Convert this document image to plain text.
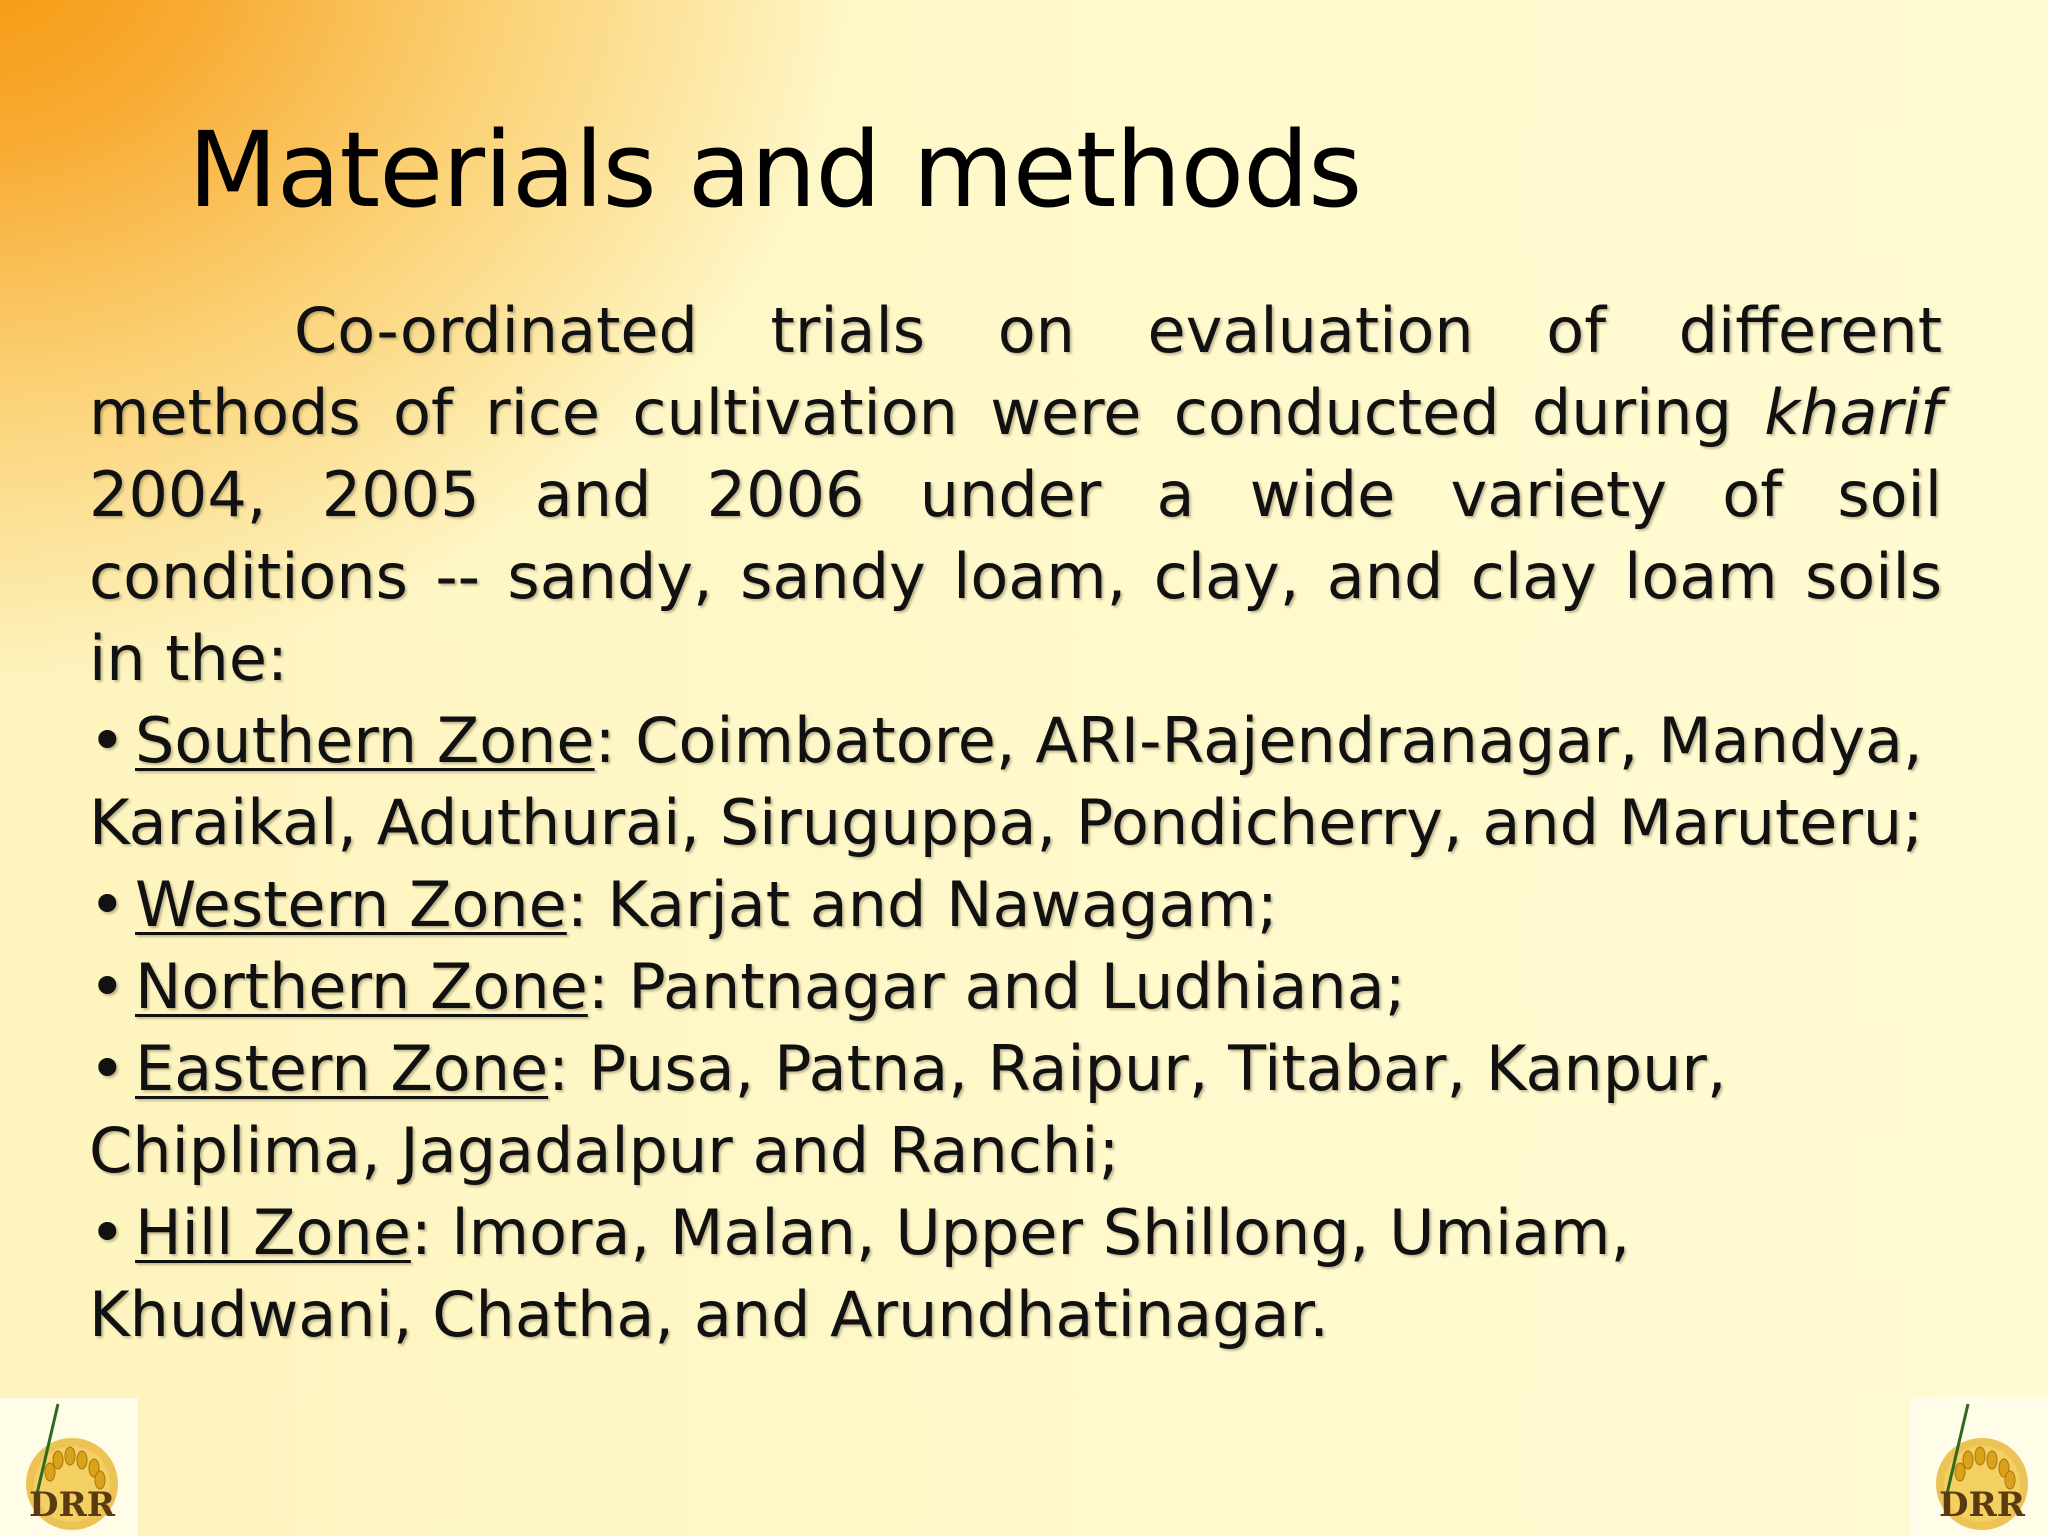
Materials and methods

Co-ordinated trials on evaluation of different methods of rice cultivation were conducted during kharif 2004, 2005 and 2006 under a wide variety of soil conditions -- sandy, sandy loam, clay, and clay loam soils in the:

• Southern Zone: Coimbatore, ARI-Rajendranagar, Mandya, Karaikal, Aduthurai, Siruguppa, Pondicherry, and Maruteru;

• Western Zone: Karjat and Nawagam;

• Northern Zone: Pantnagar and Ludhiana;

• Eastern Zone: Pusa, Patna, Raipur, Titabar, Kanpur, Chiplima, Jagadalpur and Ranchi;

• Hill Zone: lmora, Malan, Upper Shillong, Umiam, Khudwani, Chatha, and Arundhatinagar.

DRR	DRR
